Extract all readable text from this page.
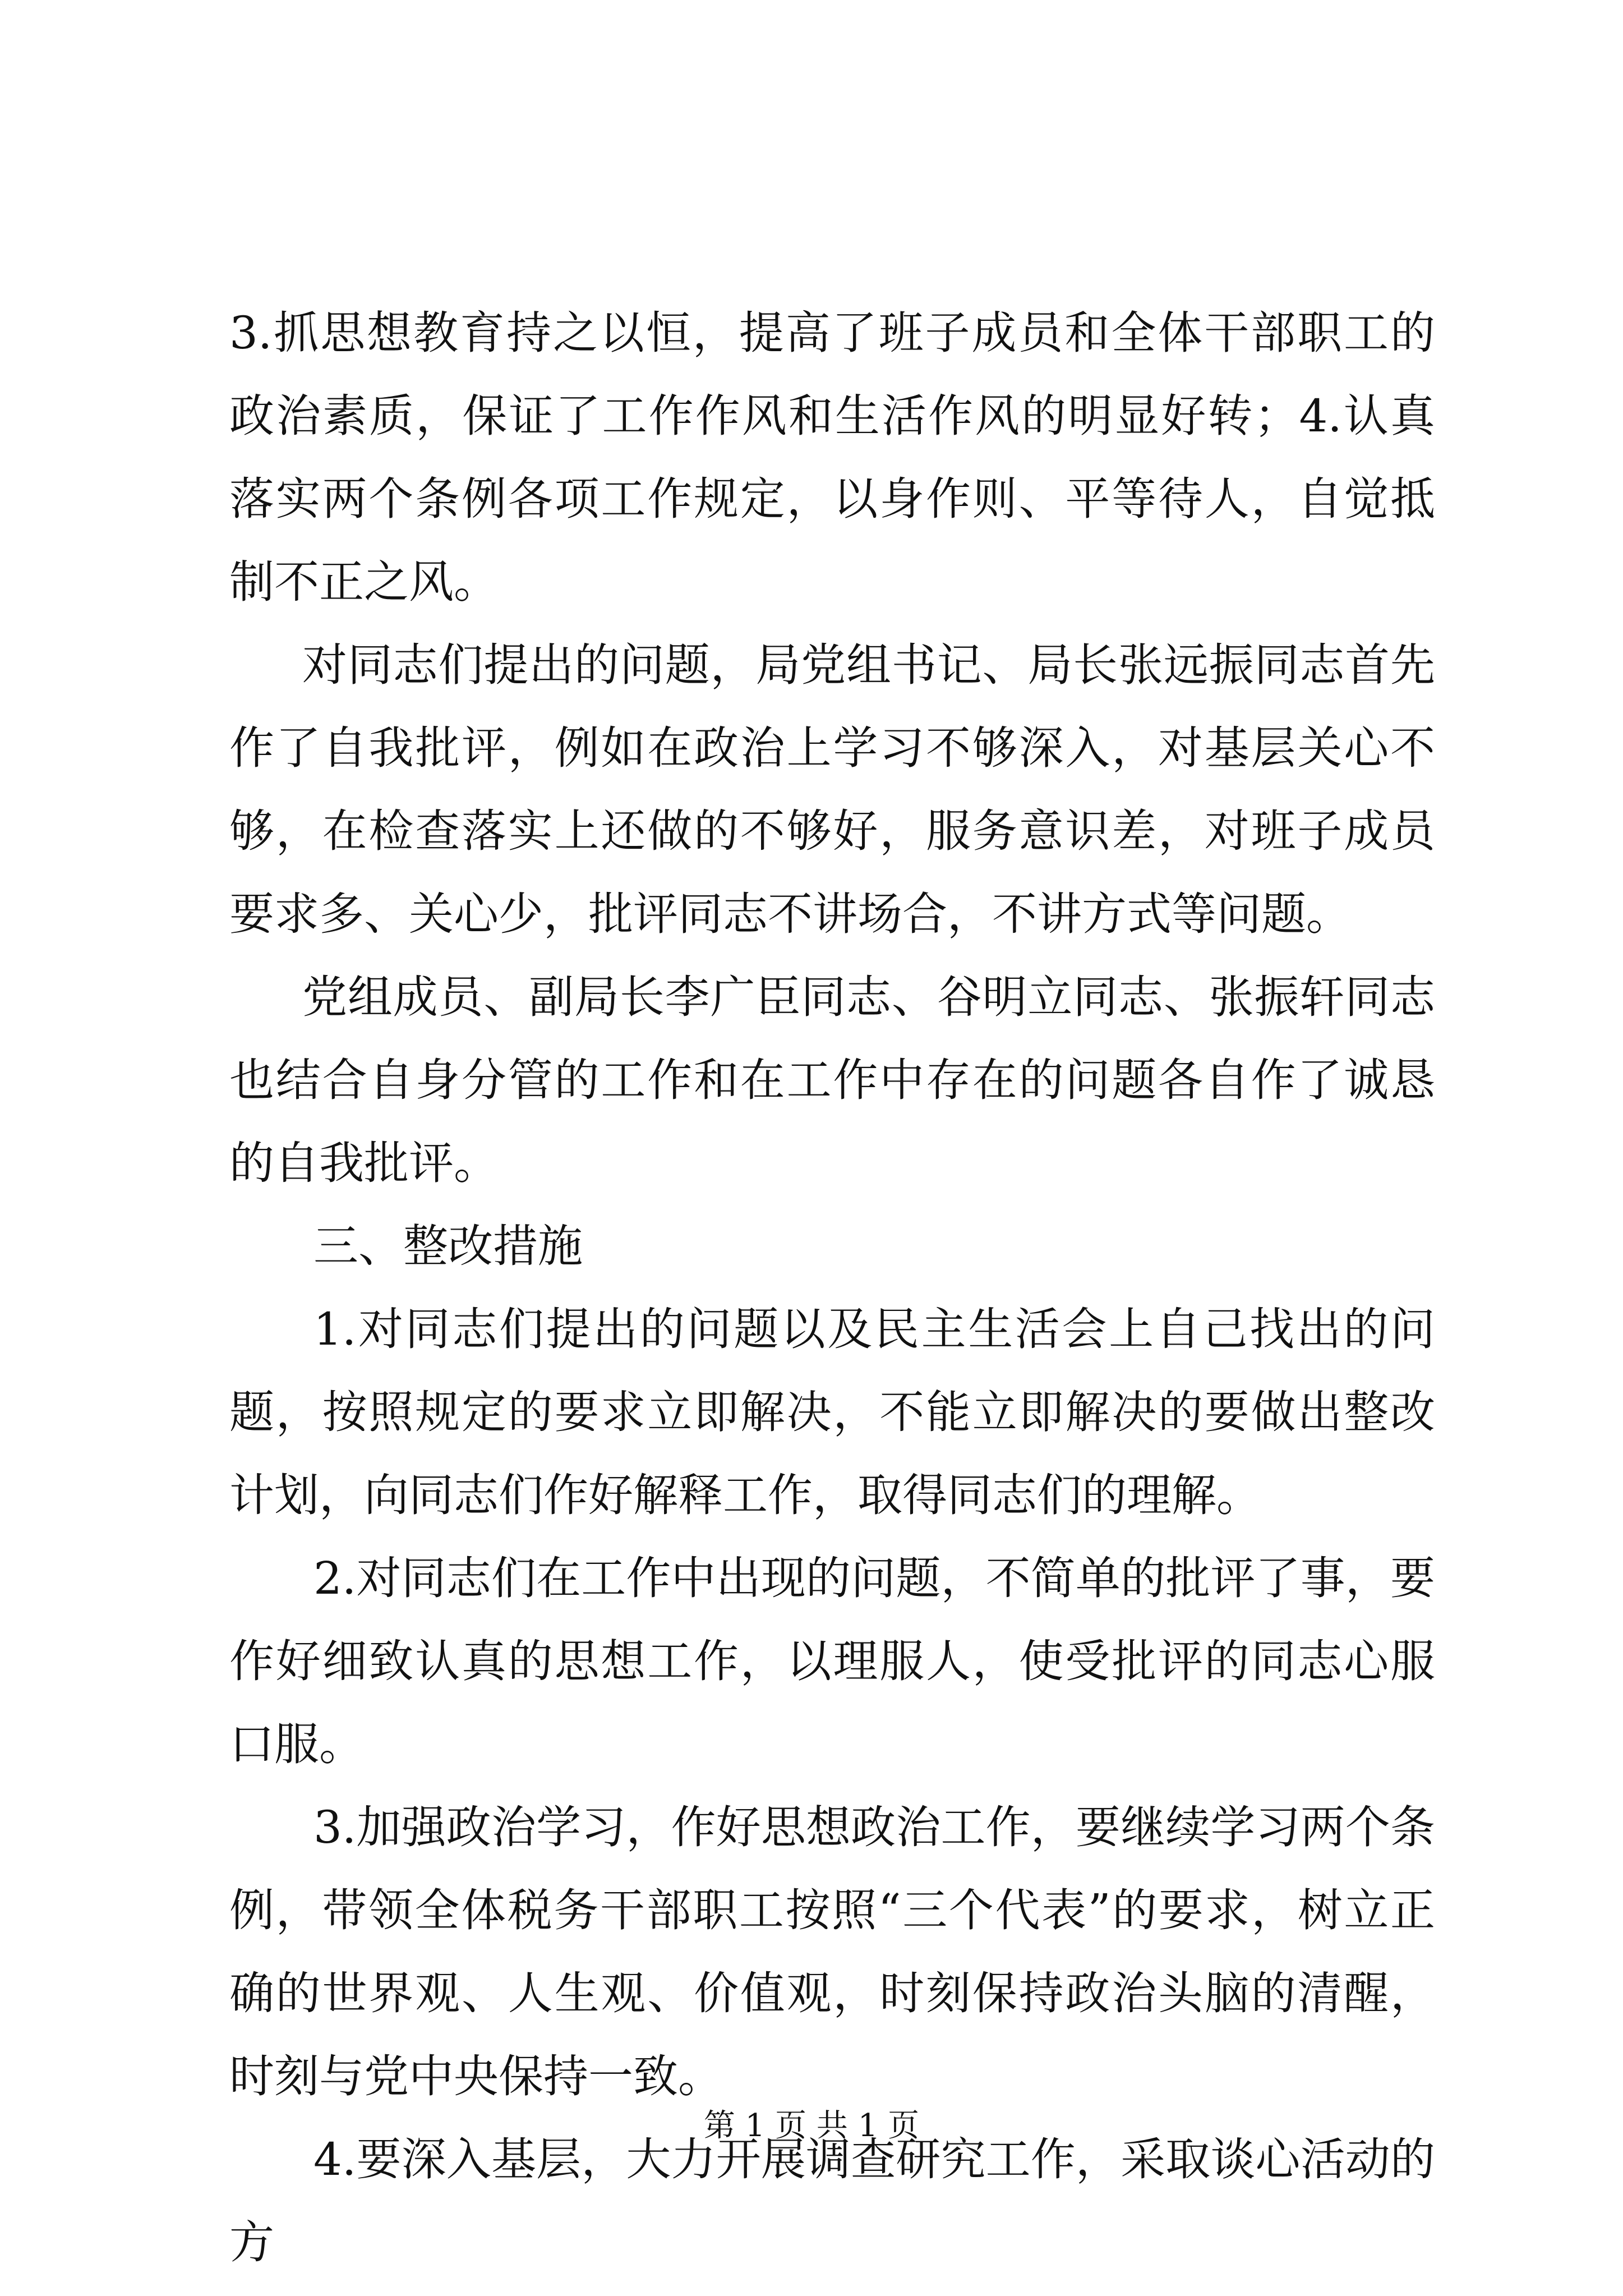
3.抓思想教育持之以恒，提高了班子成员和全体干部职工的政治素质，保证了工作作风和生活作风的明显好转；4.认真落实两个条例各项工作规定，以身作则、平等待人，自觉抵制不正之风。

对同志们提出的问题，局党组书记、局长张远振同志首先作了自我批评，例如在政治上学习不够深入，对基层关心不够，在检查落实上还做的不够好，服务意识差，对班子成员要求多、关心少，批评同志不讲场合，不讲方式等问题。

党组成员、副局长李广臣同志、谷明立同志、张振轩同志也结合自身分管的工作和在工作中存在的问题各自作了诚恳的自我批评。

三、整改措施

1.对同志们提出的问题以及民主生活会上自己找出的问题，按照规定的要求立即解决，不能立即解决的要做出整改计划，向同志们作好解释工作，取得同志们的理解。

2.对同志们在工作中出现的问题，不简单的批评了事，要作好细致认真的思想工作，以理服人，使受批评的同志心服口服。

3.加强政治学习，作好思想政治工作，要继续学习两个条例，带领全体税务干部职工按照“三个代表”的要求，树立正确的世界观、人生观、价值观，时刻保持政治头脑的清醒，时刻与党中央保持一致。

4.要深入基层，大力开展调查研究工作，采取谈心活动的方

第 1 页 共 1 页
